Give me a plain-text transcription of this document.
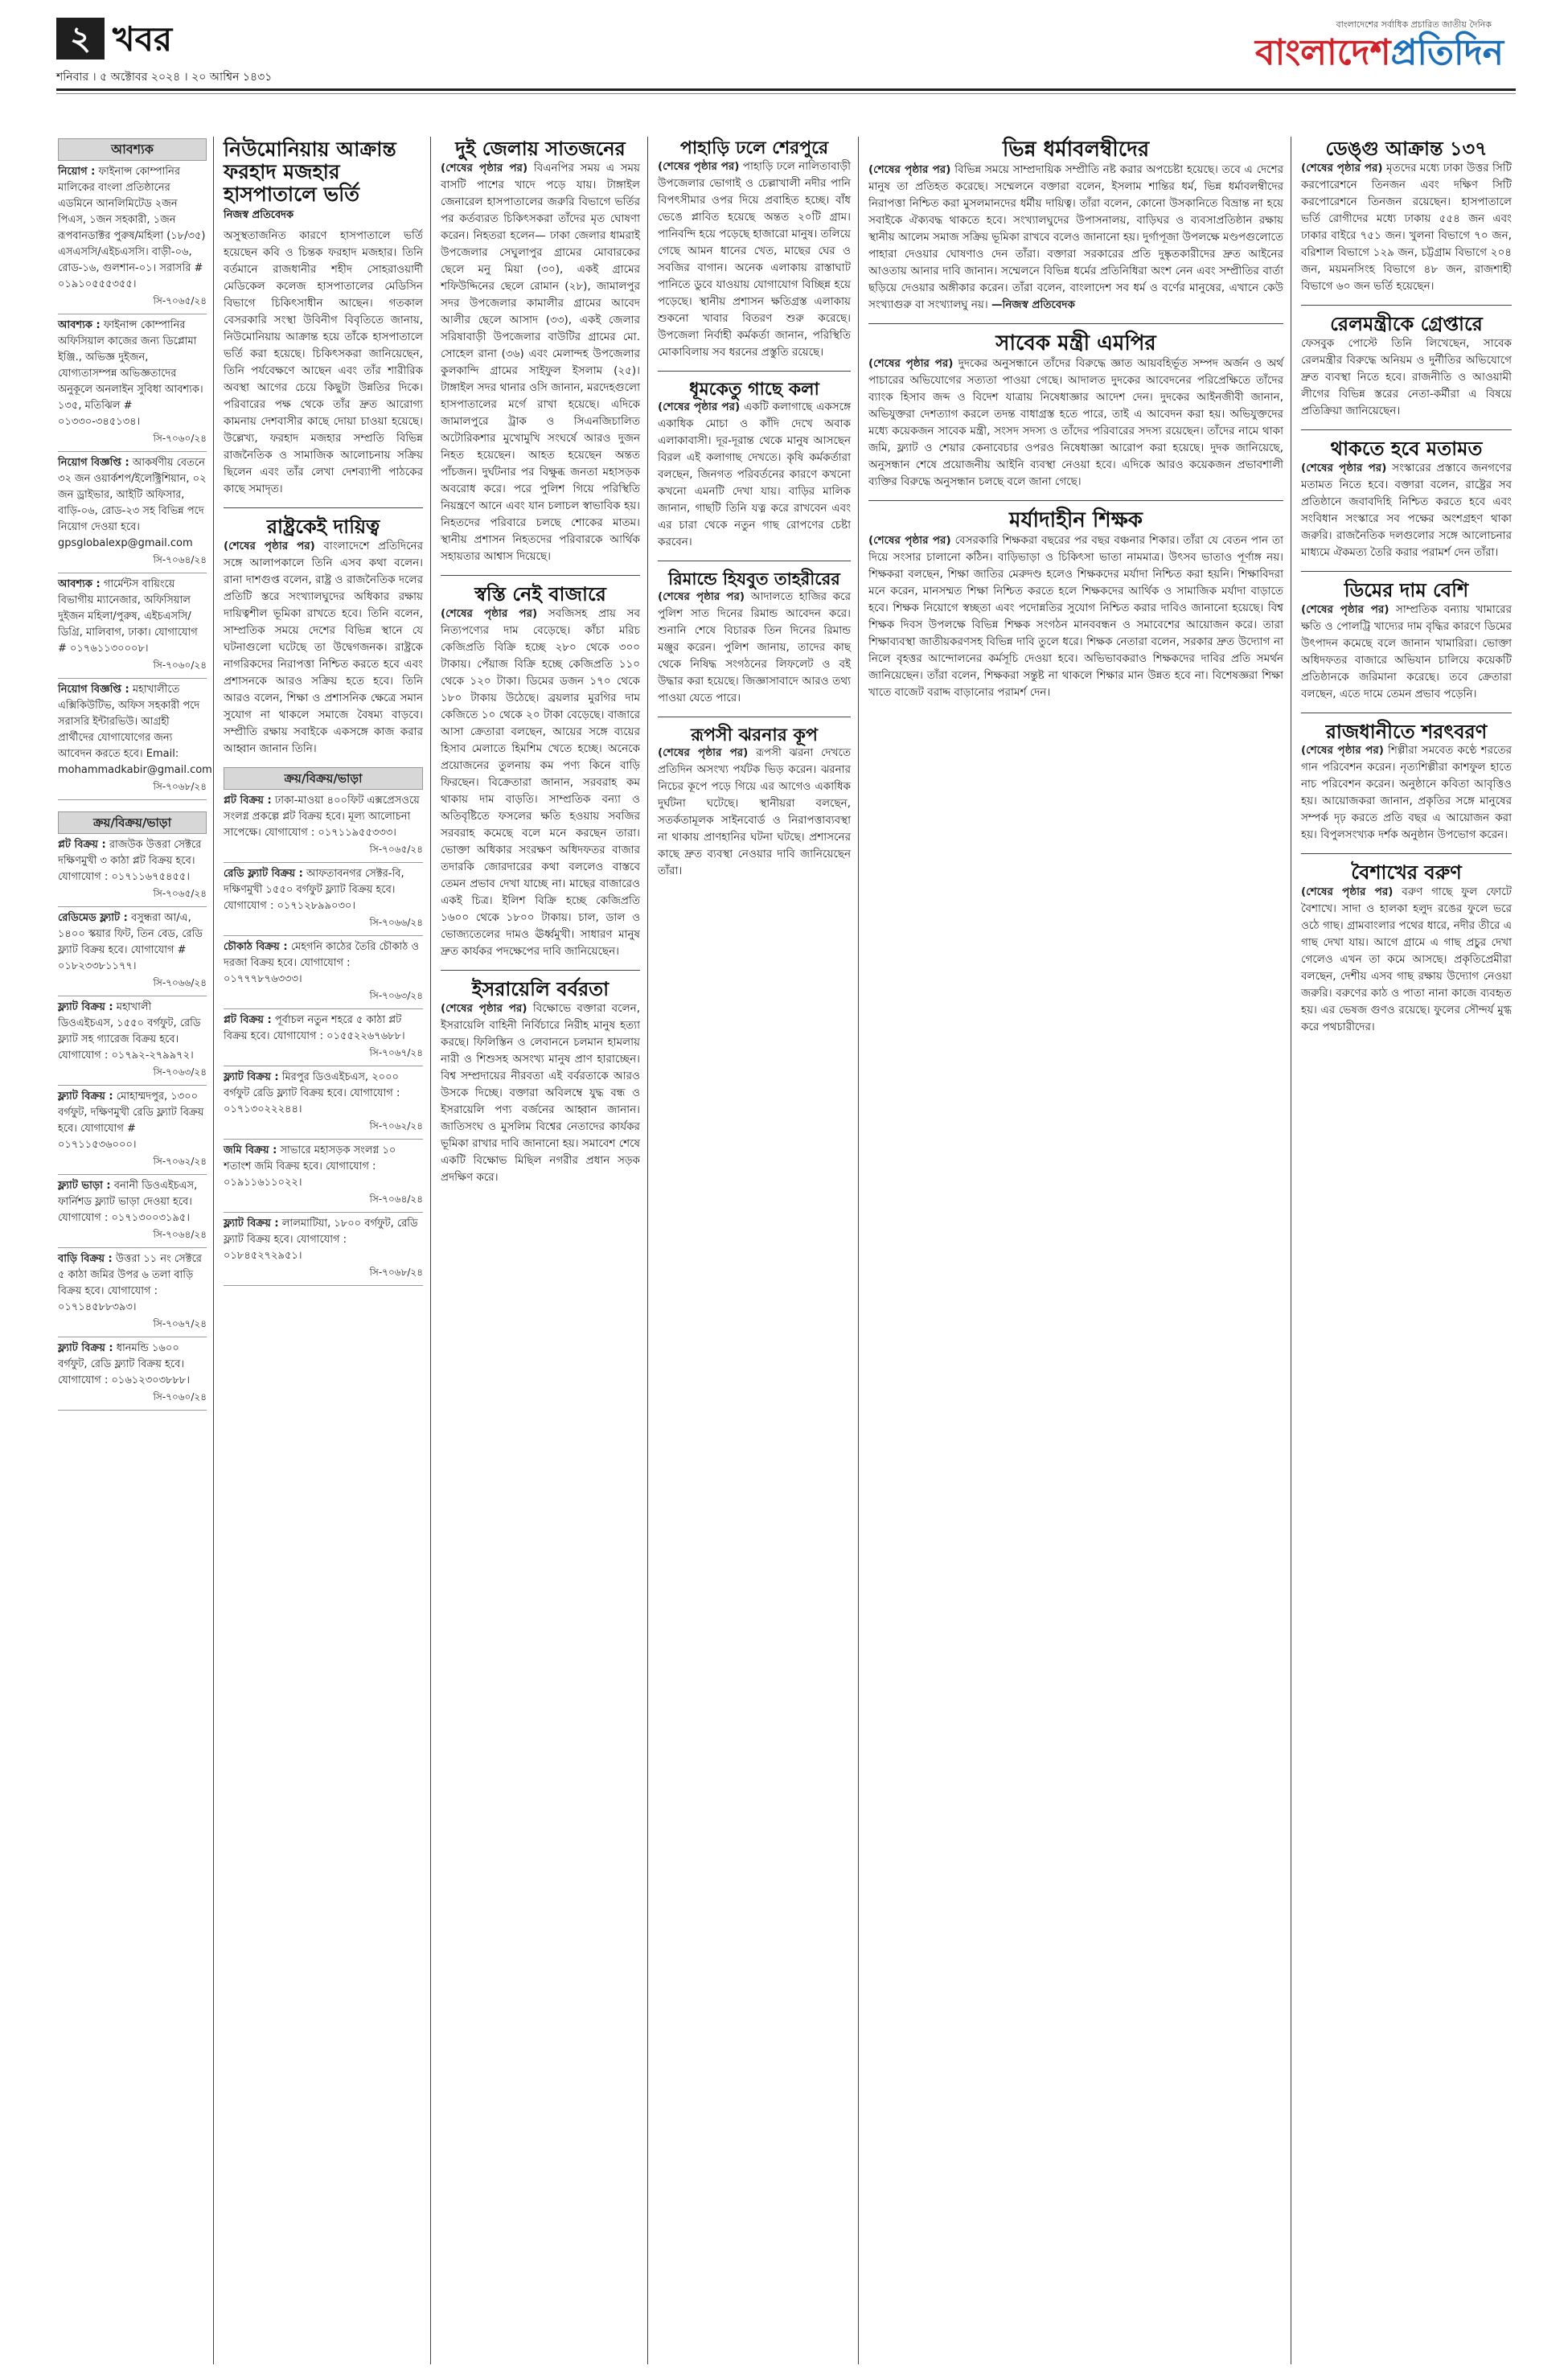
২ খবর
শনিবার । ৫ অক্টোবর ২০২৪ । ২০ আশ্বিন ১৪৩১
বাংলাদেশের সর্বাধিক প্রচারিত জাতীয় দৈনিক
বাংলাদেশপ্রতিদিন
আবশ্যক
নিয়োগ : ফাইনান্স কোম্পানির মালিকের বাংলা প্রতিষ্ঠানের এডমিনে আনলিমিটেড ২জন পিএস, ১জন সহকারী, ১জন রূপবানডাক্টর পুরুষ/মহিলা (১৮/৩৫) এসএসসি/এইচএসসি। বাড়ী-০৬, রোড-১৬, গুলশান-০১। সরাসরি # ০১৯১০৫৫৫৩৫৫।
সি-৭০৬৫/২৪
আবশ্যক : ফাইনান্স কোম্পানির অফিসিয়াল কাজের জন্য ডিপ্লোমা ইঞ্জি., অভিজ্ঞ দুইজন, যোগ্যতাসম্পন্ন অভিজ্ঞতাদের অনুকূলে অনলাইন সুবিধা আবশ্যক। ১৩৫, মতিঝিল # ০১৩৩০-৩৪৫১৩৪।
সি-৭০৬০/২৪
নিয়োগ বিজ্ঞপ্তি : আকর্ষণীয় বেতনে ৩২ জন ওয়ার্কশপ/ইলেক্ট্রিশিয়ান, ০২ জন ড্রাইভার, আইটি অফিসার, বাড়ি-০৬, রোড-২৩ সহ বিভিন্ন পদে নিয়োগ দেওয়া হবে। gpsglobalexp@gmail.com
সি-৭০৬৪/২৪
আবশ্যক : গার্মেন্টস বায়িংয়ে বিভাগীয় ম্যানেজার, অফিসিয়াল দুইজন মহিলা/পুরুষ, এইচএসসি/ডিগ্রি, মালিবাগ, ঢাকা। যোগাযোগ # ০১৭৬১১৩০০০৮।
সি-৭০৬০/২৪
নিয়োগ বিজ্ঞপ্তি : মহাখালীতে এক্সিকিউটিভ, অফিস সহকারী পদে সরাসরি ইন্টারভিউ। আগ্রহী প্রার্থীদের যোগাযোগের জন্য আবেদন করতে হবে। Email: mohammadkabir@gmail.com
সি-৭০৬৮/২৪
ক্রয়/বিক্রয়/ভাড়া
প্লট বিক্রয় : রাজউক উত্তরা সেক্টরে দক্ষিণমুখী ৩ কাঠা প্লট বিক্রয় হবে। যোগাযোগ : ০১৭১১৬৭৫৪৫৫।
সি-৭০৬৫/২৪
রেডিমেড ফ্ল্যাট : বসুন্ধরা আ/এ, ১৪০০ স্কয়ার ফিট, তিন বেড, রেডি ফ্ল্যাট বিক্রয় হবে। যোগাযোগ # ০১৮২৩৩৮১১৭৭।
সি-৭০৬৬/২৪
ফ্ল্যাট বিক্রয় : মহাখালী ডিওএইচএস, ১৫৫০ বর্গফুট, রেডি ফ্ল্যাট সহ গ্যারেজ বিক্রয় হবে। যোগাযোগ : ০১৭৯২-২৭৯৯৭২।
সি-৭০৬৩/২৪
ফ্ল্যাট বিক্রয় : মোহাম্মদপুর, ১৩০০ বর্গফুট, দক্ষিণমুখী রেডি ফ্ল্যাট বিক্রয় হবে। যোগাযোগ # ০১৭১১৫৩৬০০০।
সি-৭০৬২/২৪
ফ্ল্যাট ভাড়া : বনানী ডিওএইচএস, ফার্নিশড ফ্ল্যাট ভাড়া দেওয়া হবে। যোগাযোগ : ০১৭১৩০০৩১৯৫।
সি-৭০৬৪/২৪
বাড়ি বিক্রয় : উত্তরা ১১ নং সেক্টরে ৫ কাঠা জমির উপর ৬ তলা বাড়ি বিক্রয় হবে। যোগাযোগ : ০১৭১৪৫৮৮৩৯৩।
সি-৭০৬৭/২৪
ফ্ল্যাট বিক্রয় : ধানমন্ডি ১৬০০ বর্গফুট, রেডি ফ্ল্যাট বিক্রয় হবে। যোগাযোগ : ০১৬১২৩০৩৮৮৮।
সি-৭০৬০/২৪
নিউমোনিয়ায় আক্রান্ত ফরহাদ মজহার হাসপাতালে ভর্তি
নিজস্ব প্রতিবেদক
অসুস্থতাজনিত কারণে হাসপাতালে ভর্তি হয়েছেন কবি ও চিন্তক ফরহাদ মজহার। তিনি বর্তমানে রাজধানীর শহীদ সোহরাওয়ার্দী মেডিকেল কলেজ হাসপাতালের মেডিসিন বিভাগে চিকিৎসাধীন আছেন। গতকাল বেসরকারি সংস্থা উবিনীগ বিবৃতিতে জানায়, নিউমোনিয়ায় আক্রান্ত হয়ে তাঁকে হাসপাতালে ভর্তি করা হয়েছে। চিকিৎসকরা জানিয়েছেন, তিনি পর্যবেক্ষণে আছেন এবং তাঁর শারীরিক অবস্থা আগের চেয়ে কিছুটা উন্নতির দিকে। পরিবারের পক্ষ থেকে তাঁর দ্রুত আরোগ্য কামনায় দেশবাসীর কাছে দোয়া চাওয়া হয়েছে। উল্লেখ্য, ফরহাদ মজহার সম্প্রতি বিভিন্ন রাজনৈতিক ও সামাজিক আলোচনায় সক্রিয় ছিলেন এবং তাঁর লেখা দেশব্যাপী পাঠকের কাছে সমাদৃত।
রাষ্ট্রকেই দায়িত্ব
(শেষের পৃষ্ঠার পর) বাংলাদেশে প্রতিদিনের সঙ্গে আলাপকালে তিনি এসব কথা বলেন। রানা দাশগুপ্ত বলেন, রাষ্ট্র ও রাজনৈতিক দলের প্রতিটি স্তরে সংখ্যালঘুদের অধিকার রক্ষায় দায়িত্বশীল ভূমিকা রাখতে হবে। তিনি বলেন, সাম্প্রতিক সময়ে দেশের বিভিন্ন স্থানে যে ঘটনাগুলো ঘটেছে তা উদ্বেগজনক। রাষ্ট্রকে নাগরিকদের নিরাপত্তা নিশ্চিত করতে হবে এবং প্রশাসনকে আরও সক্রিয় হতে হবে। তিনি আরও বলেন, শিক্ষা ও প্রশাসনিক ক্ষেত্রে সমান সুযোগ না থাকলে সমাজে বৈষম্য বাড়বে। সম্প্রীতি রক্ষায় সবাইকে একসঙ্গে কাজ করার আহ্বান জানান তিনি।
ক্রয়/বিক্রয়/ভাড়া
প্লট বিক্রয় : ঢাকা-মাওয়া ৪০০ফিট এক্সপ্রেসওয়ে সংলগ্ন প্রকল্পে প্লট বিক্রয় হবে। মূল্য আলোচনা সাপেক্ষে। যোগাযোগ : ০১৭১১৯৫৫৩৩৩।
সি-৭০৬৫/২৪
রেডি ফ্ল্যাট বিক্রয় : আফতাবনগর সেক্টর-বি, দক্ষিণমুখী ১৫৫০ বর্গফুট ফ্ল্যাট বিক্রয় হবে। যোগাযোগ : ০১৭১২৮৯৯০৩০।
সি-৭০৬৬/২৪
চৌকাঠ বিক্রয় : মেহগনি কাঠের তৈরি চৌকাঠ ও দরজা বিক্রয় হবে। যোগাযোগ : ০১৭৭৭৮৭৬৩৩৩।
সি-৭০৬৩/২৪
প্লট বিক্রয় : পূর্বাচল নতুন শহরে ৫ কাঠা প্লট বিক্রয় হবে। যোগাযোগ : ০১৫৫২২৬৭৬৮৮।
সি-৭০৬৭/২৪
ফ্ল্যাট বিক্রয় : মিরপুর ডিওএইচএস, ২০০০ বর্গফুট রেডি ফ্ল্যাট বিক্রয় হবে। যোগাযোগ : ০১৭১৩০২২২৪৪।
সি-৭০৬২/২৪
জমি বিক্রয় : সাভারে মহাসড়ক সংলগ্ন ১০ শতাংশ জমি বিক্রয় হবে। যোগাযোগ : ০১৯১১৬১১০২২।
সি-৭০৬৪/২৪
ফ্ল্যাট বিক্রয় : লালমাটিয়া, ১৮০০ বর্গফুট, রেডি ফ্ল্যাট বিক্রয় হবে। যোগাযোগ : ০১৮৪৫২৭২৯৫১।
সি-৭০৬৮/২৪
দুই জেলায় সাতজনের
(শেষের পৃষ্ঠার পর) বিএনপির সময় এ সময় বাসটি পাশের খাদে পড়ে যায়। টাঙ্গাইল জেনারেল হাসপাতালের জরুরি বিভাগে ভর্তির পর কর্তব্যরত চিকিৎসকরা তাঁদের মৃত ঘোষণা করেন। নিহতরা হলেন— ঢাকা জেলার ধামরাই উপজেলার সেঘুলাপুর গ্রামের মোবারকের ছেলে মনু মিয়া (৩০), একই গ্রামের শফিউদ্দিনের ছেলে রোমান (২৮), জামালপুর সদর উপজেলার কামালীর গ্রামের আবেদ আলীর ছেলে আসাদ (৩৩), একই জেলার সরিষাবাড়ী উপজেলার বাউটির গ্রামের মো. সোহেল রানা (৩৬) এবং মেলান্দহ উপজেলার কুলকান্দি গ্রামের সাইফুল ইসলাম (২৫)। টাঙ্গাইল সদর থানার ওসি জানান, মরদেহগুলো হাসপাতালের মর্গে রাখা হয়েছে। এদিকে জামালপুরে ট্রাক ও সিএনজিচালিত অটোরিকশার মুখোমুখি সংঘর্ষে আরও দুজন নিহত হয়েছেন। আহত হয়েছেন অন্তত পাঁচজন। দুর্ঘটনার পর বিক্ষুব্ধ জনতা মহাসড়ক অবরোধ করে। পরে পুলিশ গিয়ে পরিস্থিতি নিয়ন্ত্রণে আনে এবং যান চলাচল স্বাভাবিক হয়। নিহতদের পরিবারে চলছে শোকের মাতম। স্থানীয় প্রশাসন নিহতদের পরিবারকে আর্থিক সহায়তার আশ্বাস দিয়েছে।
স্বস্তি নেই বাজারে
(শেষের পৃষ্ঠার পর) সবজিসহ প্রায় সব নিত্যপণ্যের দাম বেড়েছে। কাঁচা মরিচ কেজিপ্রতি বিক্রি হচ্ছে ২৮০ থেকে ৩০০ টাকায়। পেঁয়াজ বিক্রি হচ্ছে কেজিপ্রতি ১১০ থেকে ১২০ টাকা। ডিমের ডজন ১৭০ থেকে ১৮০ টাকায় উঠেছে। ব্রয়লার মুরগির দাম কেজিতে ১০ থেকে ২০ টাকা বেড়েছে। বাজারে আসা ক্রেতারা বলছেন, আয়ের সঙ্গে ব্যয়ের হিসাব মেলাতে হিমশিম খেতে হচ্ছে। অনেকে প্রয়োজনের তুলনায় কম পণ্য কিনে বাড়ি ফিরছেন। বিক্রেতারা জানান, সরবরাহ কম থাকায় দাম বাড়তি। সাম্প্রতিক বন্যা ও অতিবৃষ্টিতে ফসলের ক্ষতি হওয়ায় সবজির সরবরাহ কমেছে বলে মনে করছেন তারা। ভোক্তা অধিকার সংরক্ষণ অধিদফতর বাজার তদারকি জোরদারের কথা বললেও বাস্তবে তেমন প্রভাব দেখা যাচ্ছে না। মাছের বাজারেও একই চিত্র। ইলিশ বিক্রি হচ্ছে কেজিপ্রতি ১৬০০ থেকে ১৮০০ টাকায়। চাল, ডাল ও ভোজ্যতেলের দামও ঊর্ধ্বমুখী। সাধারণ মানুষ দ্রুত কার্যকর পদক্ষেপের দাবি জানিয়েছেন।
ইসরায়েলি বর্বরতা
(শেষের পৃষ্ঠার পর) বিক্ষোভে বক্তারা বলেন, ইসরায়েলি বাহিনী নির্বিচারে নিরীহ মানুষ হত্যা করছে। ফিলিস্তিন ও লেবাননে চলমান হামলায় নারী ও শিশুসহ অসংখ্য মানুষ প্রাণ হারাচ্ছেন। বিশ্ব সম্প্রদায়ের নীরবতা এই বর্বরতাকে আরও উসকে দিচ্ছে। বক্তারা অবিলম্বে যুদ্ধ বন্ধ ও ইসরায়েলি পণ্য বর্জনের আহ্বান জানান। জাতিসংঘ ও মুসলিম বিশ্বের নেতাদের কার্যকর ভূমিকা রাখার দাবি জানানো হয়। সমাবেশ শেষে একটি বিক্ষোভ মিছিল নগরীর প্রধান সড়ক প্রদক্ষিণ করে।
পাহাড়ি ঢলে শেরপুরে
(শেষের পৃষ্ঠার পর) পাহাড়ি ঢলে নালিতাবাড়ী উপজেলার ভোগাই ও চেল্লাখালী নদীর পানি বিপৎসীমার ওপর দিয়ে প্রবাহিত হচ্ছে। বাঁধ ভেঙে প্লাবিত হয়েছে অন্তত ২০টি গ্রাম। পানিবন্দি হয়ে পড়েছে হাজারো মানুষ। তলিয়ে গেছে আমন ধানের খেত, মাছের ঘের ও সবজির বাগান। অনেক এলাকায় রাস্তাঘাট পানিতে ডুবে যাওয়ায় যোগাযোগ বিচ্ছিন্ন হয়ে পড়েছে। স্থানীয় প্রশাসন ক্ষতিগ্রস্ত এলাকায় শুকনো খাবার বিতরণ শুরু করেছে। উপজেলা নির্বাহী কর্মকর্তা জানান, পরিস্থিতি মোকাবিলায় সব ধরনের প্রস্তুতি রয়েছে।
ধূমকেতু গাছে কলা
(শেষের পৃষ্ঠার পর) একটি কলাগাছে একসঙ্গে একাধিক মোচা ও কাঁদি দেখে অবাক এলাকাবাসী। দূর-দূরান্ত থেকে মানুষ আসছেন বিরল এই কলাগাছ দেখতে। কৃষি কর্মকর্তারা বলছেন, জিনগত পরিবর্তনের কারণে কখনো কখনো এমনটি দেখা যায়। বাড়ির মালিক জানান, গাছটি তিনি যত্ন করে রাখবেন এবং এর চারা থেকে নতুন গাছ রোপণের চেষ্টা করবেন।
রিমান্ডে হিযবুত তাহরীরের
(শেষের পৃষ্ঠার পর) আদালতে হাজির করে পুলিশ সাত দিনের রিমান্ড আবেদন করে। শুনানি শেষে বিচারক তিন দিনের রিমান্ড মঞ্জুর করেন। পুলিশ জানায়, তাদের কাছ থেকে নিষিদ্ধ সংগঠনের লিফলেট ও বই উদ্ধার করা হয়েছে। জিজ্ঞাসাবাদে আরও তথ্য পাওয়া যেতে পারে।
রূপসী ঝরনার কূপ
(শেষের পৃষ্ঠার পর) রূপসী ঝরনা দেখতে প্রতিদিন অসংখ্য পর্যটক ভিড় করেন। ঝরনার নিচের কূপে পড়ে গিয়ে এর আগেও একাধিক দুর্ঘটনা ঘটেছে। স্থানীয়রা বলছেন, সতর্কতামূলক সাইনবোর্ড ও নিরাপত্তাব্যবস্থা না থাকায় প্রাণহানির ঘটনা ঘটছে। প্রশাসনের কাছে দ্রুত ব্যবস্থা নেওয়ার দাবি জানিয়েছেন তাঁরা।
ভিন্ন ধর্মাবলম্বীদের
(শেষের পৃষ্ঠার পর) বিভিন্ন সময়ে সাম্প্রদায়িক সম্প্রীতি নষ্ট করার অপচেষ্টা হয়েছে। তবে এ দেশের মানুষ তা প্রতিহত করেছে। সম্মেলনে বক্তারা বলেন, ইসলাম শান্তির ধর্ম, ভিন্ন ধর্মাবলম্বীদের নিরাপত্তা নিশ্চিত করা মুসলমানদের ধর্মীয় দায়িত্ব। তাঁরা বলেন, কোনো উসকানিতে বিভ্রান্ত না হয়ে সবাইকে ঐক্যবদ্ধ থাকতে হবে। সংখ্যালঘুদের উপাসনালয়, বাড়িঘর ও ব্যবসাপ্রতিষ্ঠান রক্ষায় স্থানীয় আলেম সমাজ সক্রিয় ভূমিকা রাখবে বলেও জানানো হয়। দুর্গাপূজা উপলক্ষে মণ্ডপগুলোতে পাহারা দেওয়ার ঘোষণাও দেন তাঁরা। বক্তারা সরকারের প্রতি দুষ্কৃতকারীদের দ্রুত আইনের আওতায় আনার দাবি জানান। সম্মেলনে বিভিন্ন ধর্মের প্রতিনিধিরা অংশ নেন এবং সম্প্রীতির বার্তা ছড়িয়ে দেওয়ার অঙ্গীকার করেন। তাঁরা বলেন, বাংলাদেশ সব ধর্ম ও বর্ণের মানুষের, এখানে কেউ সংখ্যাগুরু বা সংখ্যালঘু নয়। —নিজস্ব প্রতিবেদক
সাবেক মন্ত্রী এমপির
(শেষের পৃষ্ঠার পর) দুদকের অনুসন্ধানে তাঁদের বিরুদ্ধে জ্ঞাত আয়বহির্ভূত সম্পদ অর্জন ও অর্থ পাচারের অভিযোগের সত্যতা পাওয়া গেছে। আদালত দুদকের আবেদনের পরিপ্রেক্ষিতে তাঁদের ব্যাংক হিসাব জব্দ ও বিদেশ যাত্রায় নিষেধাজ্ঞার আদেশ দেন। দুদকের আইনজীবী জানান, অভিযুক্তরা দেশত্যাগ করলে তদন্ত বাধাগ্রস্ত হতে পারে, তাই এ আবেদন করা হয়। অভিযুক্তদের মধ্যে কয়েকজন সাবেক মন্ত্রী, সংসদ সদস্য ও তাঁদের পরিবারের সদস্য রয়েছেন। তাঁদের নামে থাকা জমি, ফ্ল্যাট ও শেয়ার কেনাবেচার ওপরও নিষেধাজ্ঞা আরোপ করা হয়েছে। দুদক জানিয়েছে, অনুসন্ধান শেষে প্রয়োজনীয় আইনি ব্যবস্থা নেওয়া হবে। এদিকে আরও কয়েকজন প্রভাবশালী ব্যক্তির বিরুদ্ধে অনুসন্ধান চলছে বলে জানা গেছে।
মর্যাদাহীন শিক্ষক
(শেষের পৃষ্ঠার পর) বেসরকারি শিক্ষকরা বছরের পর বছর বঞ্চনার শিকার। তাঁরা যে বেতন পান তা দিয়ে সংসার চালানো কঠিন। বাড়িভাড়া ও চিকিৎসা ভাতা নামমাত্র। উৎসব ভাতাও পূর্ণাঙ্গ নয়। শিক্ষকরা বলছেন, শিক্ষা জাতির মেরুদণ্ড হলেও শিক্ষকদের মর্যাদা নিশ্চিত করা হয়নি। শিক্ষাবিদরা মনে করেন, মানসম্মত শিক্ষা নিশ্চিত করতে হলে শিক্ষকদের আর্থিক ও সামাজিক মর্যাদা বাড়াতে হবে। শিক্ষক নিয়োগে স্বচ্ছতা এবং পদোন্নতির সুযোগ নিশ্চিত করার দাবিও জানানো হয়েছে। বিশ্ব শিক্ষক দিবস উপলক্ষে বিভিন্ন শিক্ষক সংগঠন মানববন্ধন ও সমাবেশের আয়োজন করে। তারা শিক্ষাব্যবস্থা জাতীয়করণসহ বিভিন্ন দাবি তুলে ধরে। শিক্ষক নেতারা বলেন, সরকার দ্রুত উদ্যোগ না নিলে বৃহত্তর আন্দোলনের কর্মসূচি দেওয়া হবে। অভিভাবকরাও শিক্ষকদের দাবির প্রতি সমর্থন জানিয়েছেন। তাঁরা বলেন, শিক্ষকরা সন্তুষ্ট না থাকলে শিক্ষার মান উন্নত হবে না। বিশেষজ্ঞরা শিক্ষা খাতে বাজেট বরাদ্দ বাড়ানোর পরামর্শ দেন।
ডেঙ্গু আক্রান্ত ১৩৭
(শেষের পৃষ্ঠার পর) মৃতদের মধ্যে ঢাকা উত্তর সিটি করপোরেশনে তিনজন এবং দক্ষিণ সিটি করপোরেশনে তিনজন রয়েছেন। হাসপাতালে ভর্তি রোগীদের মধ্যে ঢাকায় ৫৫৪ জন এবং ঢাকার বাইরে ৭৫১ জন। খুলনা বিভাগে ৭০ জন, বরিশাল বিভাগে ১২৯ জন, চট্টগ্রাম বিভাগে ২০৪ জন, ময়মনসিংহ বিভাগে ৪৮ জন, রাজশাহী বিভাগে ৬০ জন ভর্তি হয়েছেন।
রেলমন্ত্রীকে গ্রেপ্তারে
ফেসবুক পোস্টে তিনি লিখেছেন, সাবেক রেলমন্ত্রীর বিরুদ্ধে অনিয়ম ও দুর্নীতির অভিযোগে দ্রুত ব্যবস্থা নিতে হবে। রাজনীতি ও আওয়ামী লীগের বিভিন্ন স্তরের নেতা-কর্মীরা এ বিষয়ে প্রতিক্রিয়া জানিয়েছেন।
থাকতে হবে মতামত
(শেষের পৃষ্ঠার পর) সংস্কারের প্রস্তাবে জনগণের মতামত নিতে হবে। বক্তারা বলেন, রাষ্ট্রের সব প্রতিষ্ঠানে জবাবদিহি নিশ্চিত করতে হবে এবং সংবিধান সংস্কারে সব পক্ষের অংশগ্রহণ থাকা জরুরি। রাজনৈতিক দলগুলোর সঙ্গে আলোচনার মাধ্যমে ঐকমত্য তৈরি করার পরামর্শ দেন তাঁরা।
ডিমের দাম বেশি
(শেষের পৃষ্ঠার পর) সাম্প্রতিক বন্যায় খামারের ক্ষতি ও পোলট্রি খাদ্যের দাম বৃদ্ধির কারণে ডিমের উৎপাদন কমেছে বলে জানান খামারিরা। ভোক্তা অধিদফতর বাজারে অভিযান চালিয়ে কয়েকটি প্রতিষ্ঠানকে জরিমানা করেছে। তবে ক্রেতারা বলছেন, এতে দামে তেমন প্রভাব পড়েনি।
রাজধানীতে শরৎবরণ
(শেষের পৃষ্ঠার পর) শিল্পীরা সমবেত কণ্ঠে শরতের গান পরিবেশন করেন। নৃত্যশিল্পীরা কাশফুল হাতে নাচ পরিবেশন করেন। অনুষ্ঠানে কবিতা আবৃত্তিও হয়। আয়োজকরা জানান, প্রকৃতির সঙ্গে মানুষের সম্পর্ক দৃঢ় করতে প্রতি বছর এ আয়োজন করা হয়। বিপুলসংখ্যক দর্শক অনুষ্ঠান উপভোগ করেন।
বৈশাখের বরুণ
(শেষের পৃষ্ঠার পর) বরুণ গাছে ফুল ফোটে বৈশাখে। সাদা ও হালকা হলুদ রঙের ফুলে ভরে ওঠে গাছ। গ্রামবাংলার পথের ধারে, নদীর তীরে এ গাছ দেখা যায়। আগে গ্রামে এ গাছ প্রচুর দেখা গেলেও এখন তা কমে আসছে। প্রকৃতিপ্রেমীরা বলছেন, দেশীয় এসব গাছ রক্ষায় উদ্যোগ নেওয়া জরুরি। বরুণের কাঠ ও পাতা নানা কাজে ব্যবহৃত হয়। এর ভেষজ গুণও রয়েছে। ফুলের সৌন্দর্য মুগ্ধ করে পথচারীদের।
